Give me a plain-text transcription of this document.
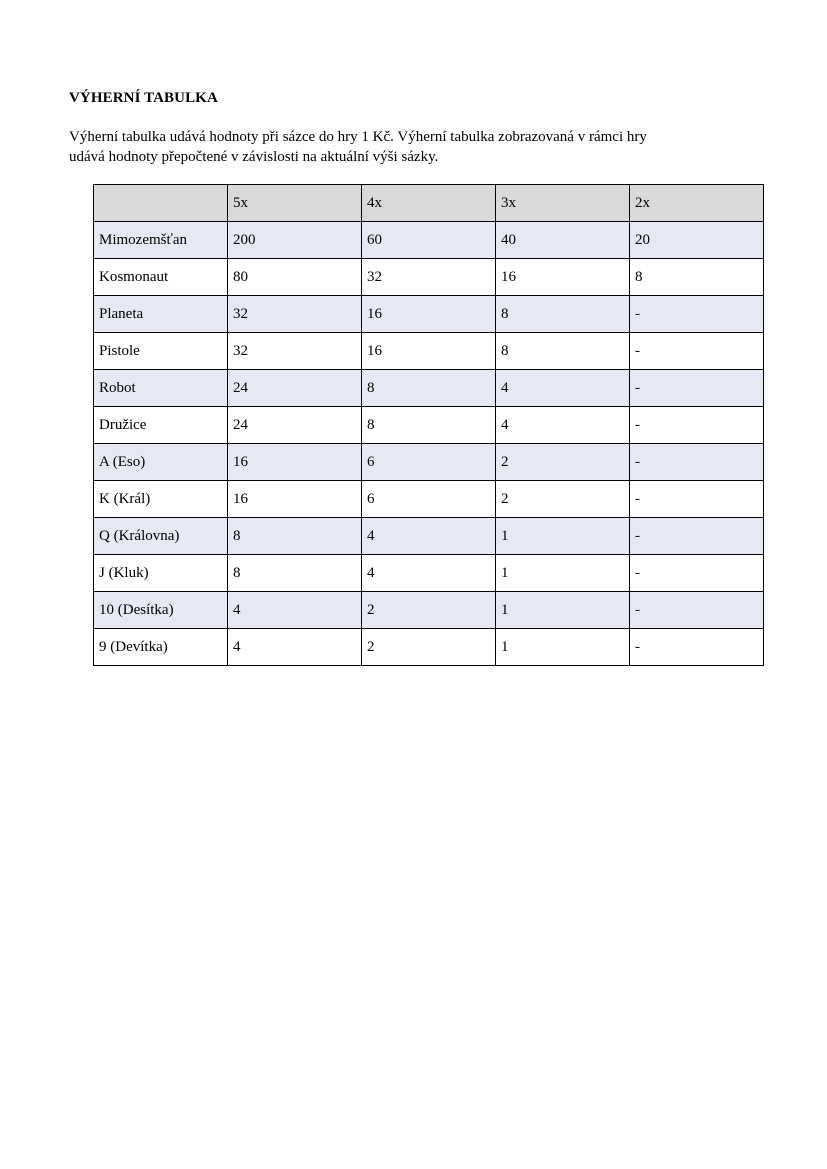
VÝHERNÍ TABULKA
Výherní tabulka udává hodnoty při sázce do hry 1 Kč. Výherní tabulka zobrazovaná v rámci hry
udává hodnoty přepočtené v závislosti na aktuální výši sázky.
	5x	4x	3x	2x
Mimozemšťan	200	60	40	20
Kosmonaut	80	32	16	8
Planeta	32	16	8	-
Pistole	32	16	8	-
Robot	24	8	4	-
Družice	24	8	4	-
A (Eso)	16	6	2	-
K (Král)	16	6	2	-
Q (Královna)	8	4	1	-
J (Kluk)	8	4	1	-
10 (Desítka)	4	2	1	-
9 (Devítka)	4	2	1	-
